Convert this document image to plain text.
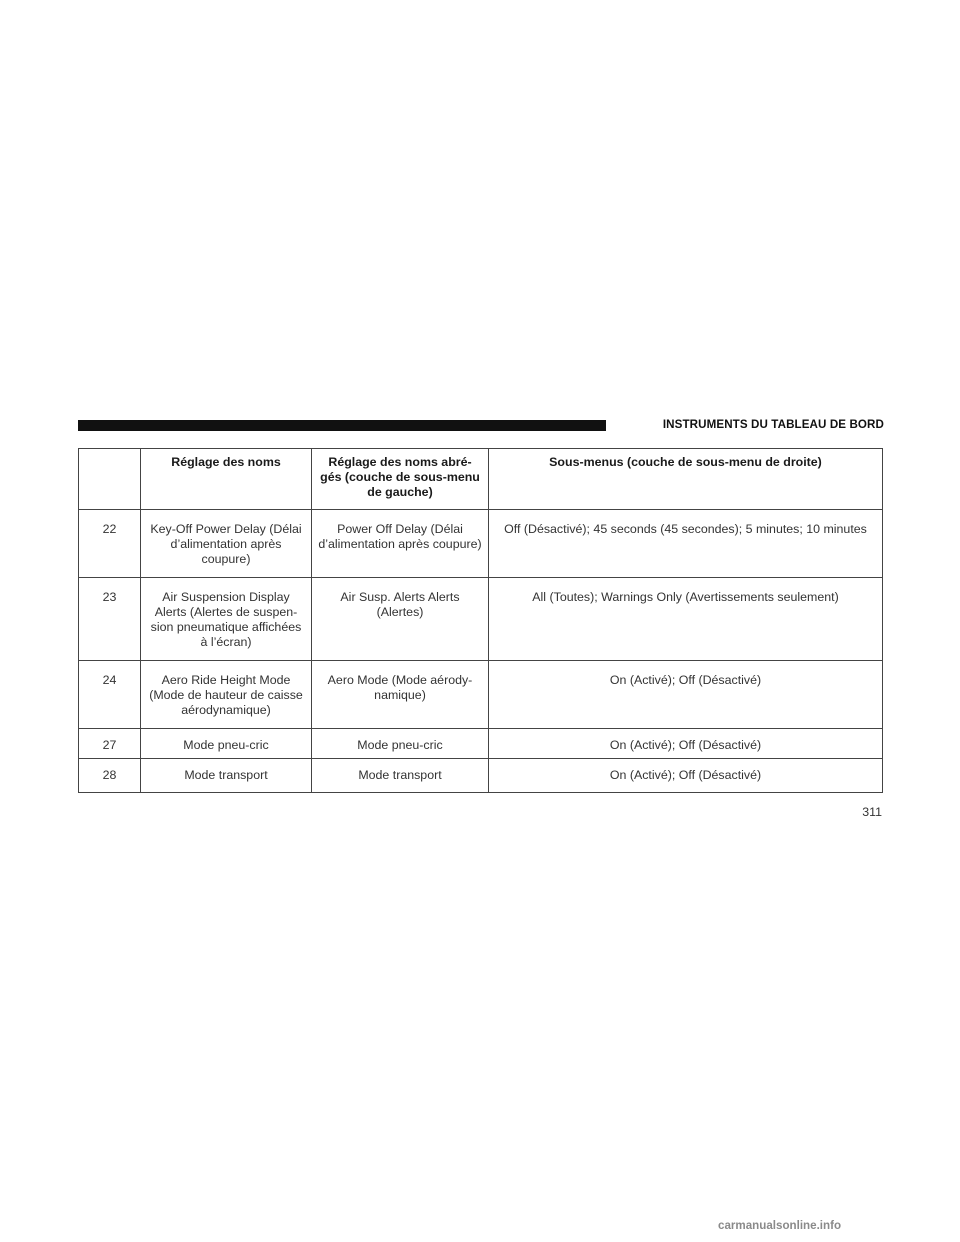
INSTRUMENTS DU TABLEAU DE BORD
	Réglage des noms	Réglage des noms abré-gés (couche de sous-menu de gauche)	Sous-menus (couche de sous-menu de droite)
22	Key-Off Power Delay (Délai d’alimentation après coupure)	Power Off Delay (Délai d’alimentation après coupure)	Off (Désactivé); 45 seconds (45 secondes); 5 minutes; 10 minutes
23	Air Suspension Display Alerts (Alertes de suspen-sion pneumatique affichées à l’écran)	Air Susp. Alerts Alerts (Alertes)	All (Toutes); Warnings Only (Avertissements seulement)
24	Aero Ride Height Mode (Mode de hauteur de caisse aérodynamique)	Aero Mode (Mode aérody-namique)	On (Activé); Off (Désactivé)
27	Mode pneu-cric	Mode pneu-cric	On (Activé); Off (Désactivé)
28	Mode transport	Mode transport	On (Activé); Off (Désactivé)
311
carmanualsonline.info
